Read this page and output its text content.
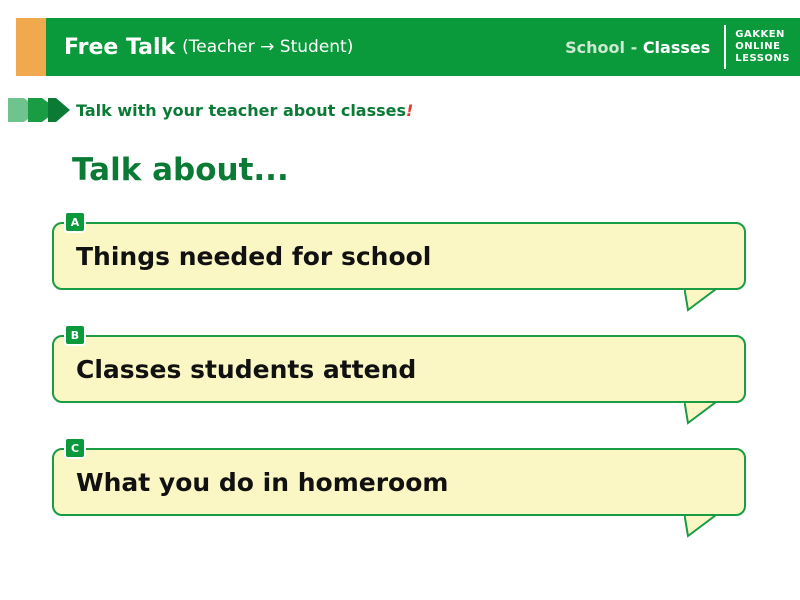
Free Talk (Teacher → Student)	School - Classes
GAKKEN
ONLINE
LESSONS
Talk with your teacher about classes!
Talk about...
Things needed for school
A
Classes students attend
B
What you do in homeroom
C
